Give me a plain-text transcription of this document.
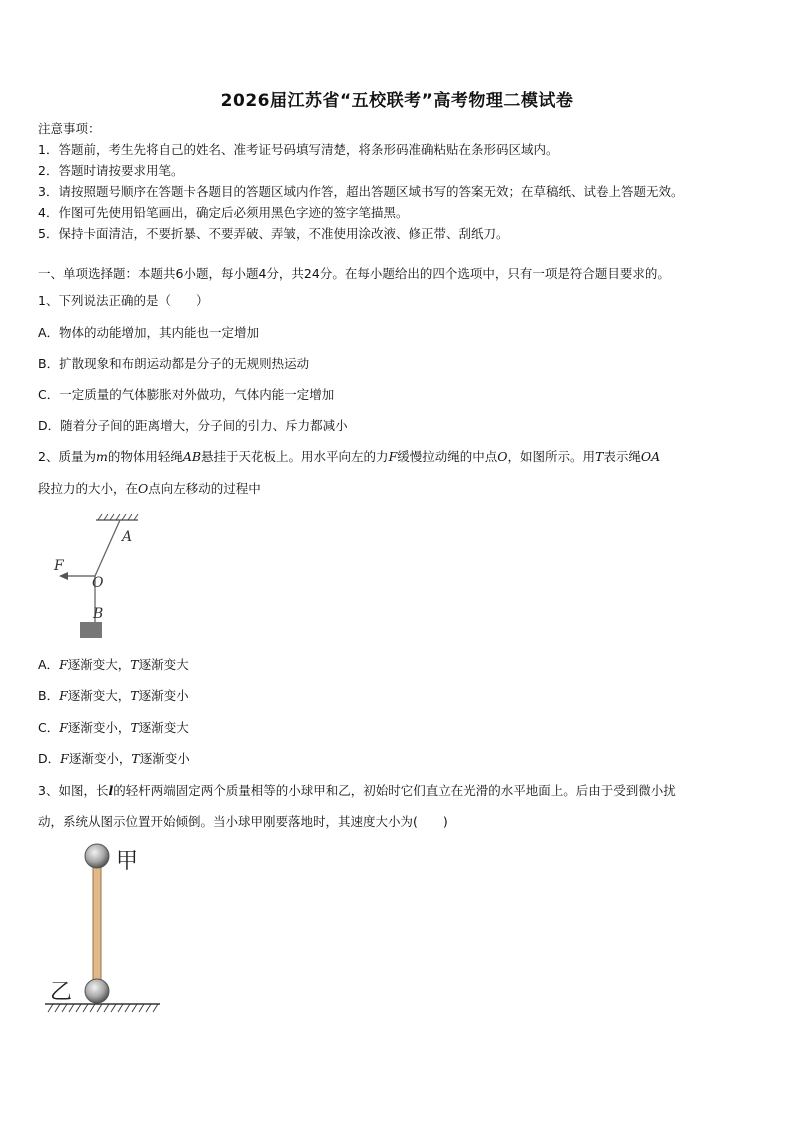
2026届江苏省“五校联考”高考物理二模试卷
注意事项：
1．答题前，考生先将自己的姓名、准考证号码填写清楚，将条形码准确粘贴在条形码区域内。
2．答题时请按要求用笔。
3．请按照题号顺序在答题卡各题目的答题区域内作答，超出答题区域书写的答案无效；在草稿纸、试卷上答题无效。
4．作图可先使用铅笔画出，确定后必须用黑色字迹的签字笔描黑。
5．保持卡面清洁，不要折暴、不要弄破、弄皱，不准使用涂改液、修正带、刮纸刀。
一、单项选择题：本题共6小题，每小题4分，共24分。在每小题给出的四个选项中，只有一项是符合题目要求的。
1、下列说法正确的是（　　）
A．物体的动能增加，其内能也一定增加
B．扩散现象和布朗运动都是分子的无规则热运动
C．一定质量的气体膨胀对外做功，气体内能一定增加
D．随着分子间的距离增大，分子间的引力、斥力都减小
2、质量为m的物体用轻绳AB悬挂于天花板上。用水平向左的力F缓慢拉动绳的中点O，如图所示。用T表示绳OA
段拉力的大小，在O点向左移动的过程中
A
F
O
B
A．F逐渐变大，T逐渐变大
B．F逐渐变大，T逐渐变小
C．F逐渐变小，T逐渐变大
D．F逐渐变小，T逐渐变小
3、如图，长l的轻杆两端固定两个质量相等的小球甲和乙，初始时它们直立在光滑的水平地面上。后由于受到微小扰
动，系统从图示位置开始倾倒。当小球甲刚要落地时，其速度大小为(　　)
甲
乙
